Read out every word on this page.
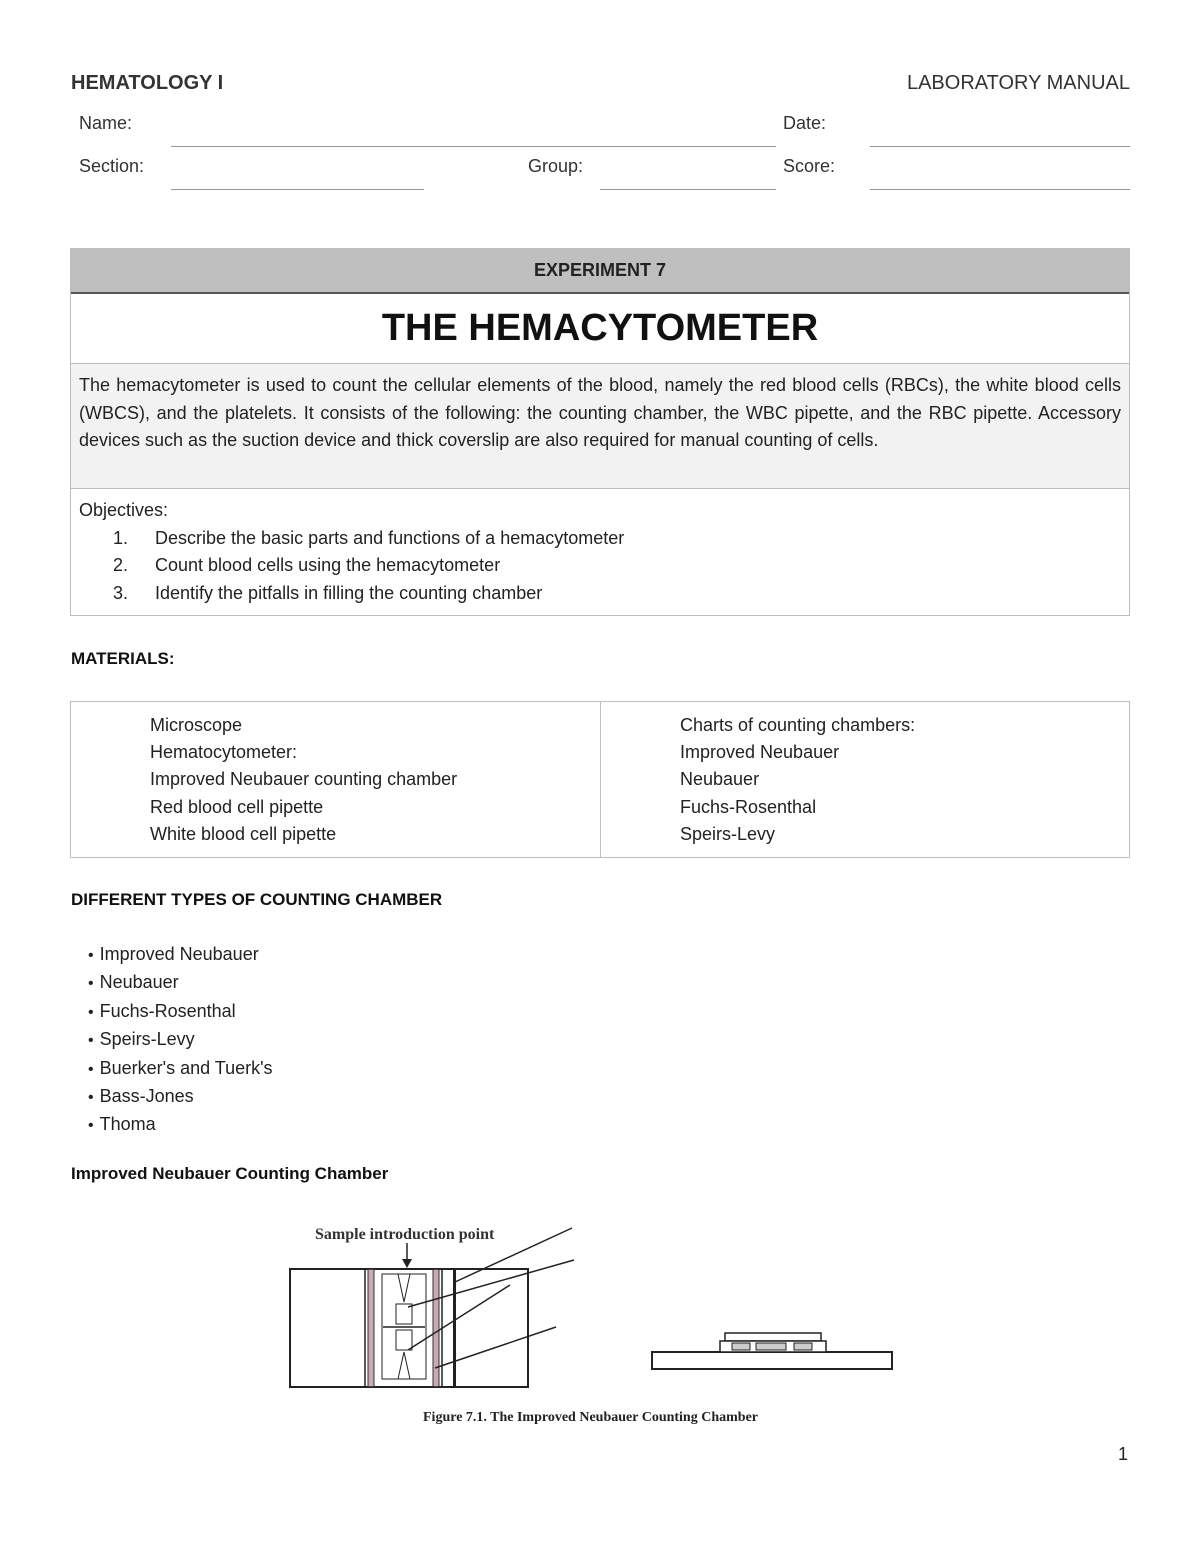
HEMATOLOGY I	LABORATORY MANUAL
Name:	Date:
Section:	Group:	Score:
EXPERIMENT 7
THE HEMACYTOMETER
The hemacytometer is used to count the cellular elements of the blood, namely the red blood cells (RBCs), the white blood cells (WBCS), and the platelets. It consists of the following: the counting chamber, the WBC pipette, and the RBC pipette. Accessory devices such as the suction device and thick coverslip are also required for manual counting of cells.
Objectives:
1.	Describe the basic parts and functions of a hemacytometer
2.	Count blood cells using the hemacytometer
3.	Identify the pitfalls in filling the counting chamber
MATERIALS:
Microscope
Hematocytometer:
Improved Neubauer counting chamber
Red blood cell pipette
White blood cell pipette
Charts of counting chambers:
Improved Neubauer
Neubauer
Fuchs-Rosenthal
Speirs-Levy
DIFFERENT TYPES OF COUNTING CHAMBER
• Improved Neubauer
• Neubauer
• Fuchs-Rosenthal
• Speirs-Levy
• Buerker's and Tuerk's
• Bass-Jones
• Thoma
Improved Neubauer Counting Chamber
Sample introduction point
Figure 7.1. The Improved Neubauer Counting Chamber
1
